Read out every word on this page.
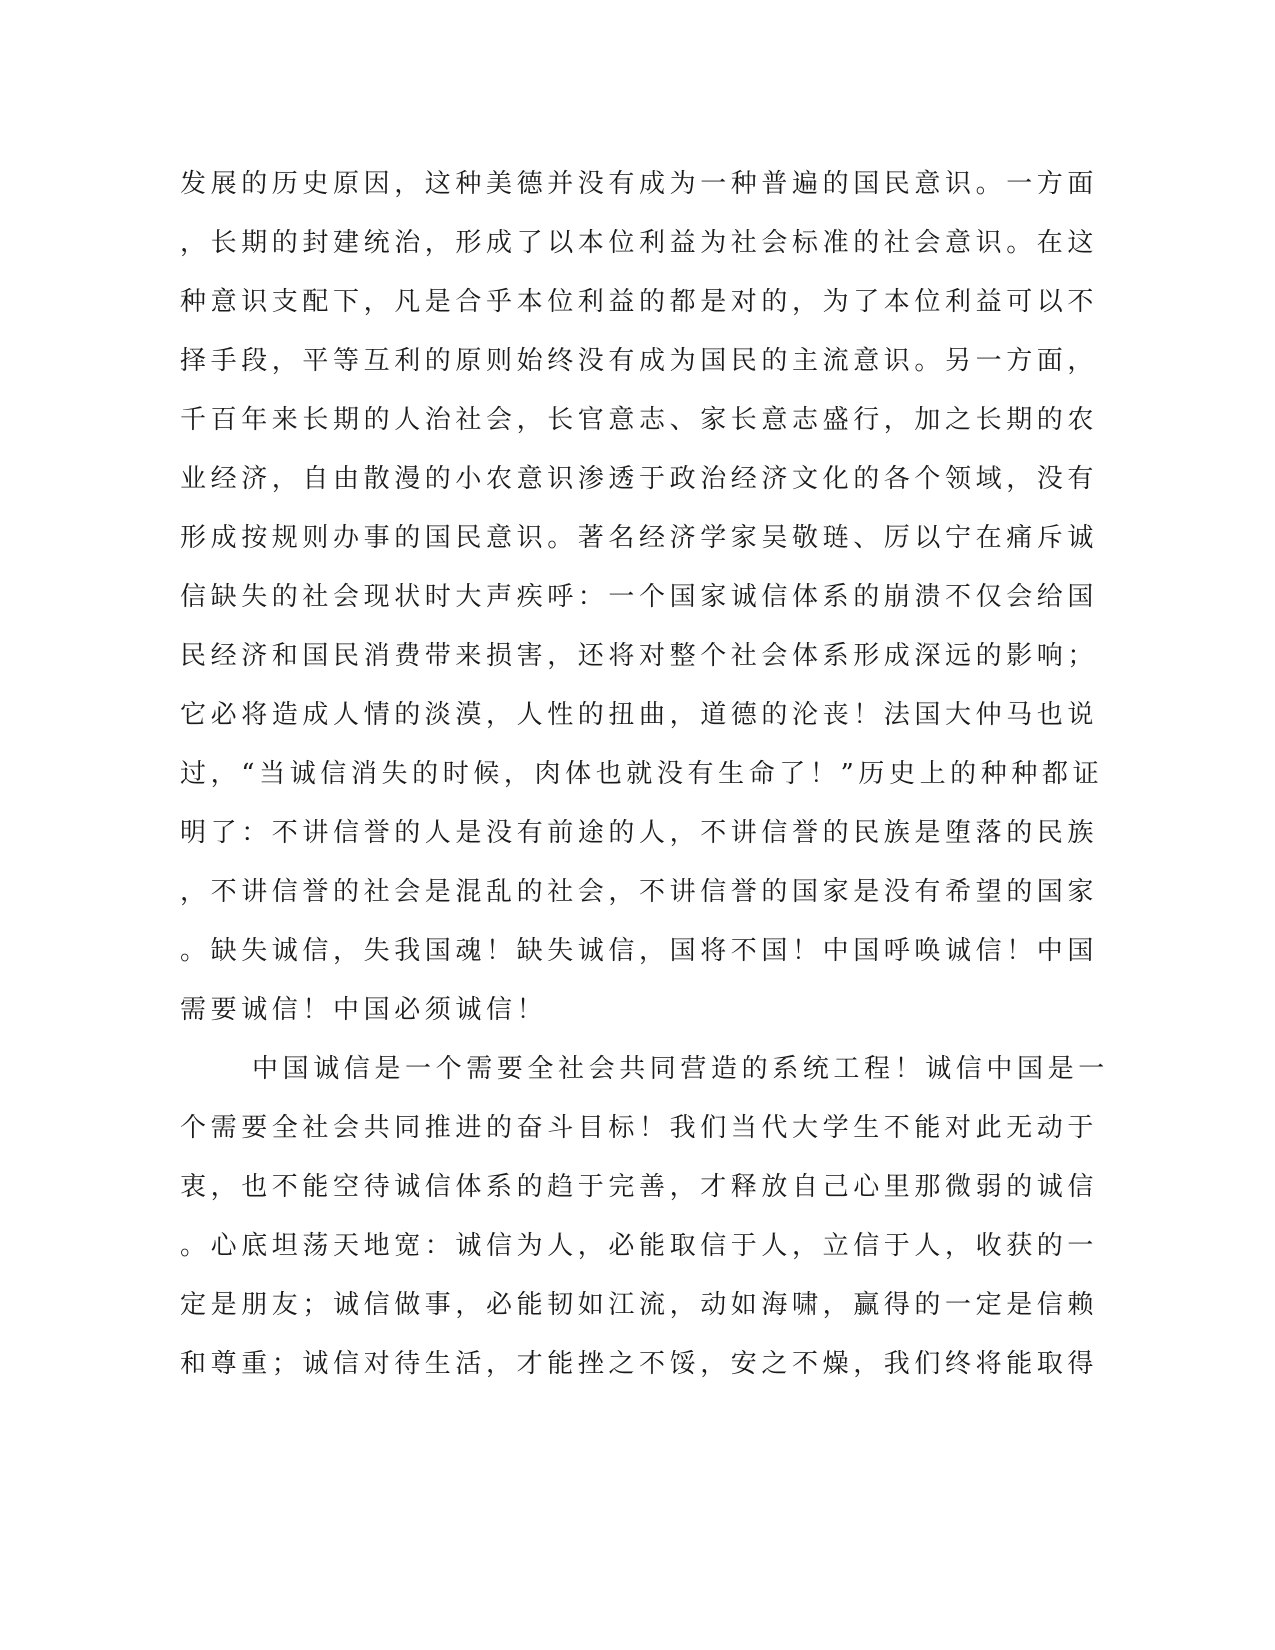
发展的历史原因，这种美德并没有成为一种普遍的国民意识。一方面
，长期的封建统治，形成了以本位利益为社会标准的社会意识。在这
种意识支配下，凡是合乎本位利益的都是对的，为了本位利益可以不
择手段，平等互利的原则始终没有成为国民的主流意识。另一方面，
千百年来长期的人治社会，长官意志、家长意志盛行，加之长期的农
业经济，自由散漫的小农意识渗透于政治经济文化的各个领域，没有
形成按规则办事的国民意识。著名经济学家吴敬琏、厉以宁在痛斥诚
信缺失的社会现状时大声疾呼：一个国家诚信体系的崩溃不仅会给国
民经济和国民消费带来损害，还将对整个社会体系形成深远的影响；
它必将造成人情的淡漠，人性的扭曲，道德的沦丧！法国大仲马也说
过，“当诚信消失的时候，肉体也就没有生命了！”历史上的种种都证
明了：不讲信誉的人是没有前途的人，不讲信誉的民族是堕落的民族
，不讲信誉的社会是混乱的社会，不讲信誉的国家是没有希望的国家
。缺失诚信，失我国魂！缺失诚信，国将不国！中国呼唤诚信！中国
需要诚信！中国必须诚信！
中国诚信是一个需要全社会共同营造的系统工程！诚信中国是一
个需要全社会共同推进的奋斗目标！我们当代大学生不能对此无动于
衷，也不能空待诚信体系的趋于完善，才释放自己心里那微弱的诚信
。心底坦荡天地宽：诚信为人，必能取信于人，立信于人，收获的一
定是朋友；诚信做事，必能韧如江流，动如海啸，赢得的一定是信赖
和尊重；诚信对待生活，才能挫之不馁，安之不燥，我们终将能取得
